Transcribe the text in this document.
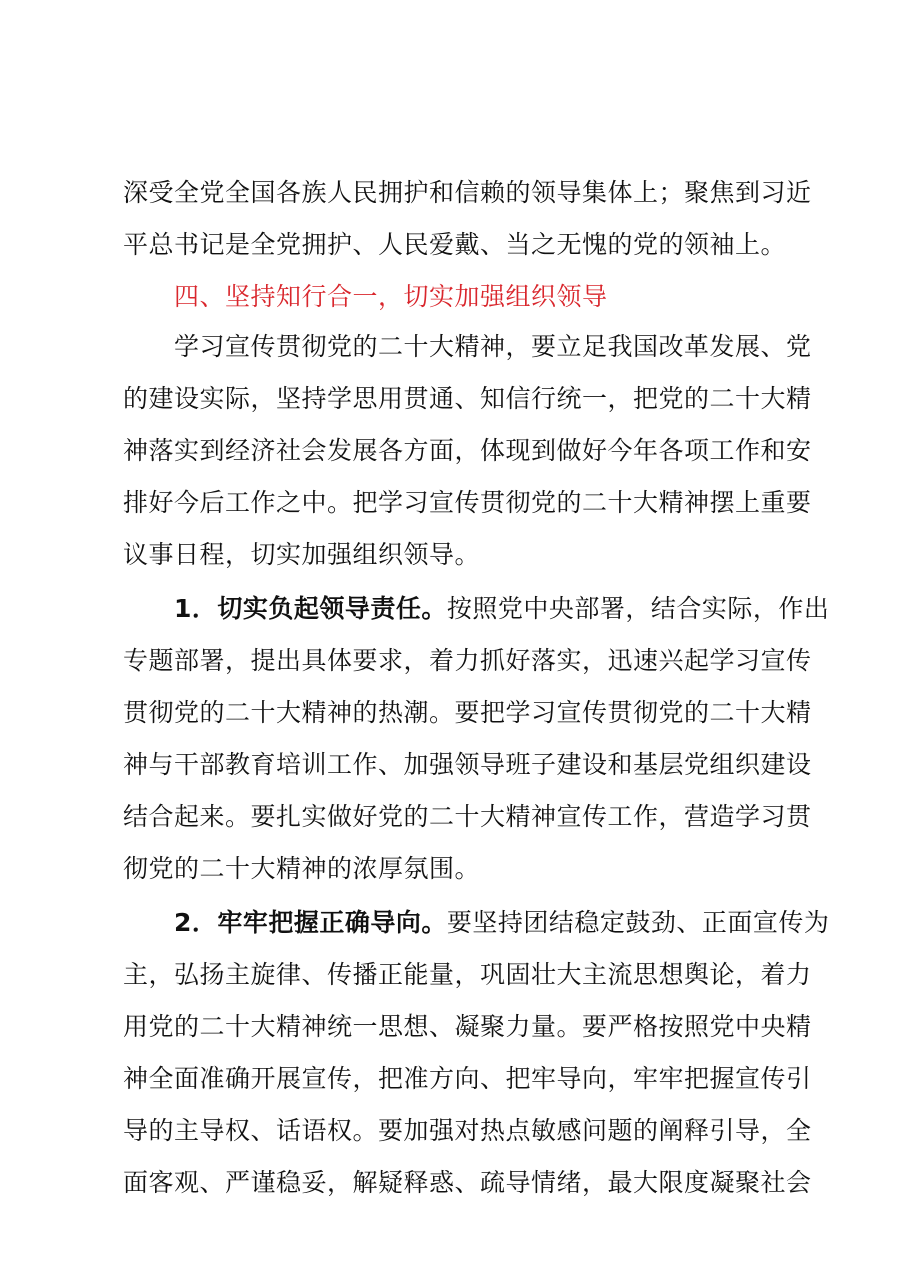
深受全党全国各族人民拥护和信赖的领导集体上；聚焦到习近
平总书记是全党拥护、人民爱戴、当之无愧的党的领袖上。
四、坚持知行合一，切实加强组织领导
学习宣传贯彻党的二十大精神，要立足我国改革发展、党
的建设实际，坚持学思用贯通、知信行统一，把党的二十大精
神落实到经济社会发展各方面，体现到做好今年各项工作和安
排好今后工作之中。把学习宣传贯彻党的二十大精神摆上重要
议事日程，切实加强组织领导。
1．切实负起领导责任。按照党中央部署，结合实际，作出
专题部署，提出具体要求，着力抓好落实，迅速兴起学习宣传
贯彻党的二十大精神的热潮。要把学习宣传贯彻党的二十大精
神与干部教育培训工作、加强领导班子建设和基层党组织建设
结合起来。要扎实做好党的二十大精神宣传工作，营造学习贯
彻党的二十大精神的浓厚氛围。
2．牢牢把握正确导向。要坚持团结稳定鼓劲、正面宣传为
主，弘扬主旋律、传播正能量，巩固壮大主流思想舆论，着力
用党的二十大精神统一思想、凝聚力量。要严格按照党中央精
神全面准确开展宣传，把准方向、把牢导向，牢牢把握宣传引
导的主导权、话语权。要加强对热点敏感问题的阐释引导，全
面客观、严谨稳妥，解疑释惑、疏导情绪，最大限度凝聚社会
